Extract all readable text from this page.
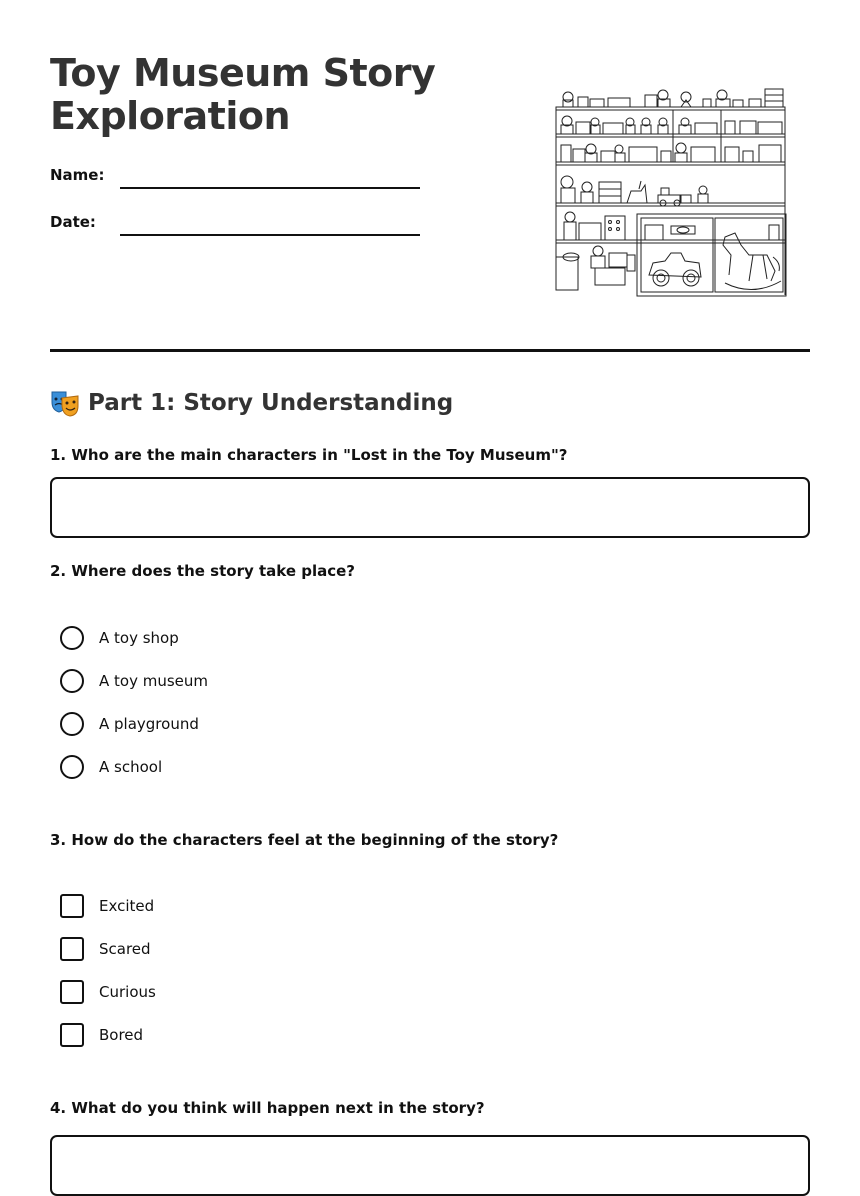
Toy Museum Story Exploration
Name:
Date:
Part 1: Story Understanding
1. Who are the main characters in "Lost in the Toy Museum"?
2. Where does the story take place?
A toy shop
A toy museum
A playground
A school
3. How do the characters feel at the beginning of the story?
Excited
Scared
Curious
Bored
4. What do you think will happen next in the story?
